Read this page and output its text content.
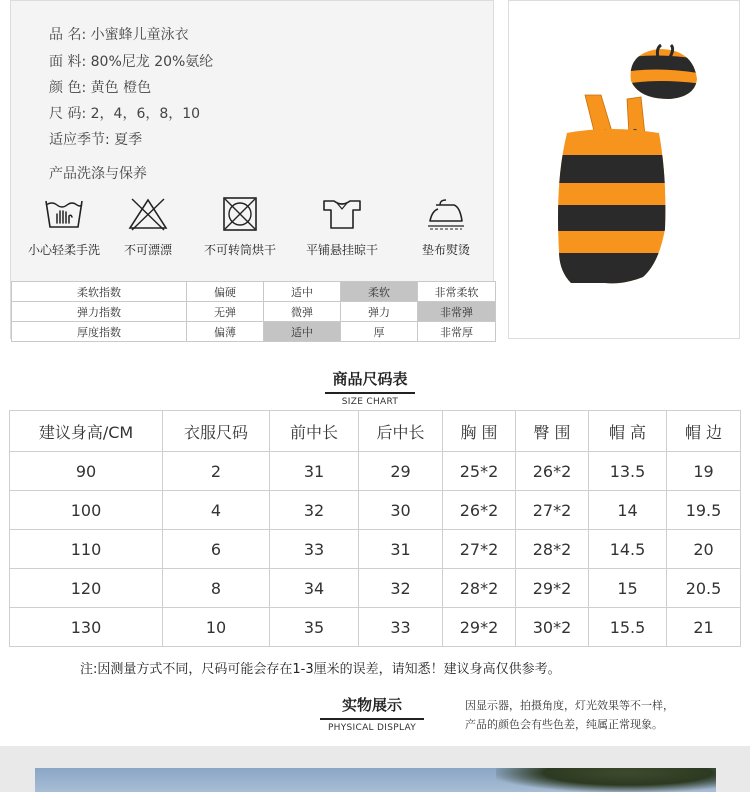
品 名: 小蜜蜂儿童泳衣
面 料: 80%尼龙 20%氨纶
颜 色: 黄色 橙色
尺 码: 2，4，6，8，10
适应季节: 夏季
产品洗涤与保养
小心轻柔手洗	不可漂漂	不可转筒烘干	平铺悬挂晾干	垫布熨烫
柔软指数	偏硬	适中	柔软	非常柔软
弹力指数	无弹	微弹	弹力	非常弹
厚度指数	偏薄	适中	厚	非常厚
商品尺码表
SIZE CHART
建议身高/CM	衣服尺码	前中长	后中长	胸 围	臀 围	帽 高	帽 边
90	2	31	29	25*2	26*2	13.5	19
100	4	32	30	26*2	27*2	14	19.5
110	6	33	31	27*2	28*2	14.5	20
120	8	34	32	28*2	29*2	15	20.5
130	10	35	33	29*2	30*2	15.5	21
注:因测量方式不同，尺码可能会存在1-3厘米的误差，请知悉！建议身高仅供参考。
实物展示
PHYSICAL DISPLAY
因显示器，拍摄角度，灯光效果等不一样，
产品的颜色会有些色差，纯属正常现象。
